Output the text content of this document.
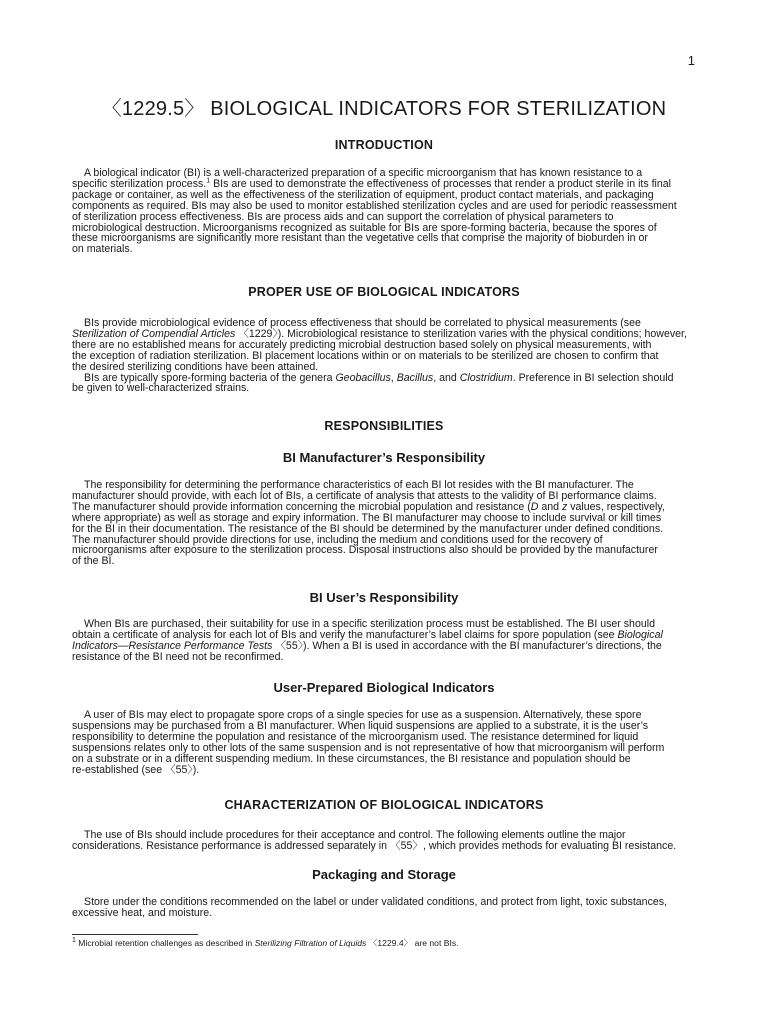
1
〈1229.5〉 BIOLOGICAL INDICATORS FOR STERILIZATION
INTRODUCTION

A biological indicator (BI) is a well-characterized preparation of a specific microorganism that has known resistance to a
specific sterilization process.$^1$ BIs are used to demonstrate the effectiveness of processes that render a product sterile in its final
package or container, as well as the effectiveness of the sterilization of equipment, product contact materials, and packaging
components as required. BIs may also be used to monitor established sterilization cycles and are used for periodic reassessment
of sterilization process effectiveness. BIs are process aids and can support the correlation of physical parameters to
microbiological destruction. Microorganisms recognized as suitable for BIs are spore-forming bacteria, because the spores of
these microorganisms are significantly more resistant than the vegetative cells that comprise the majority of bioburden in or
on materials.

PROPER USE OF BIOLOGICAL INDICATORS

BIs provide microbiological evidence of process effectiveness that should be correlated to physical measurements (see
Sterilization of Compendial Articles 〈1229〉). Microbiological resistance to sterilization varies with the physical conditions; however,
there are no established means for accurately predicting microbial destruction based solely on physical measurements, with
the exception of radiation sterilization. BI placement locations within or on materials to be sterilized are chosen to confirm that
the desired sterilizing conditions have been attained.
BIs are typically spore-forming bacteria of the genera Geobacillus, Bacillus, and Clostridium. Preference in BI selection should
be given to well-characterized strains.

RESPONSIBILITIES
BI Manufacturer’s Responsibility

The responsibility for determining the performance characteristics of each BI lot resides with the BI manufacturer. The
manufacturer should provide, with each lot of BIs, a certificate of analysis that attests to the validity of BI performance claims.
The manufacturer should provide information concerning the microbial population and resistance (D and z values, respectively,
where appropriate) as well as storage and expiry information. The BI manufacturer may choose to include survival or kill times
for the BI in their documentation. The resistance of the BI should be determined by the manufacturer under defined conditions.
The manufacturer should provide directions for use, including the medium and conditions used for the recovery of
microorganisms after exposure to the sterilization process. Disposal instructions also should be provided by the manufacturer
of the BI.

BI User’s Responsibility

When BIs are purchased, their suitability for use in a specific sterilization process must be established. The BI user should
obtain a certificate of analysis for each lot of BIs and verify the manufacturer’s label claims for spore population (see Biological
Indicators—Resistance Performance Tests 〈55〉). When a BI is used in accordance with the BI manufacturer’s directions, the
resistance of the BI need not be reconfirmed.

User-Prepared Biological Indicators

A user of BIs may elect to propagate spore crops of a single species for use as a suspension. Alternatively, these spore
suspensions may be purchased from a BI manufacturer. When liquid suspensions are applied to a substrate, it is the user’s
responsibility to determine the population and resistance of the microorganism used. The resistance determined for liquid
suspensions relates only to other lots of the same suspension and is not representative of how that microorganism will perform
on a substrate or in a different suspending medium. In these circumstances, the BI resistance and population should be
re-established (see 〈55〉).

CHARACTERIZATION OF BIOLOGICAL INDICATORS

The use of BIs should include procedures for their acceptance and control. The following elements outline the major
considerations. Resistance performance is addressed separately in 〈55〉, which provides methods for evaluating BI resistance.

Packaging and Storage

Store under the conditions recommended on the label or under validated conditions, and protect from light, toxic substances,
excessive heat, and moisture.

$^1$ Microbial retention challenges as described in Sterilizing Filtration of Liquids 〈1229.4〉 are not BIs.
